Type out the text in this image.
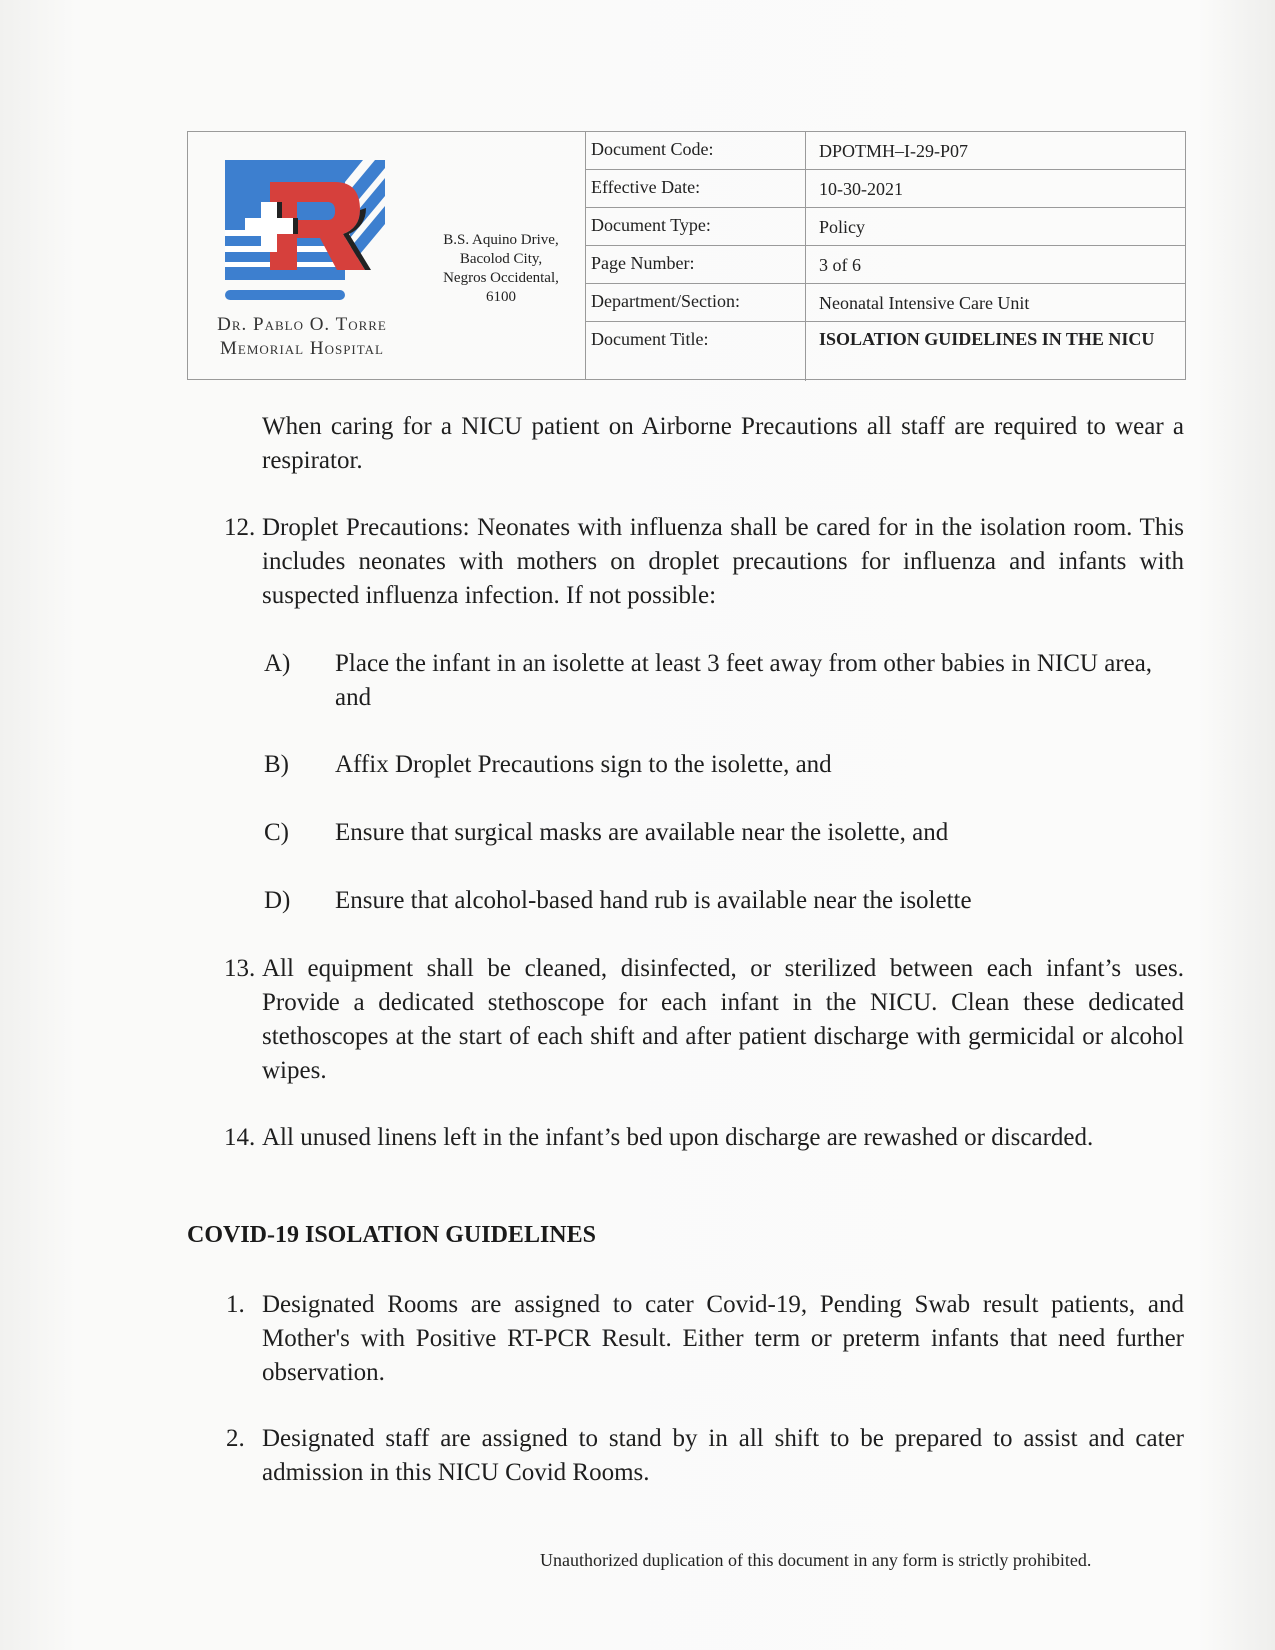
Dr. Pablo O. Torre
Memorial Hospital
B.S. Aquino Drive,
Bacolod City,
Negros Occidental,
6100
Document Code:	DPOTMH–I-29-P07
Effective Date:	10-30-2021
Document Type:	Policy
Page Number:	3 of 6
Department/Section:	Neonatal Intensive Care Unit
Document Title:	ISOLATION GUIDELINES IN THE NICU
When caring for a NICU patient on Airborne Precautions all staff are required to wear a respirator.
12. Droplet Precautions: Neonates with influenza shall be cared for in the isolation room. This includes neonates with mothers on droplet precautions for influenza and infants with suspected influenza infection. If not possible:
A) Place the infant in an isolette at least 3 feet away from other babies in NICU area, and
B) Affix Droplet Precautions sign to the isolette, and
C) Ensure that surgical masks are available near the isolette, and
D) Ensure that alcohol-based hand rub is available near the isolette
13. All equipment shall be cleaned, disinfected, or sterilized between each infant’s uses. Provide a dedicated stethoscope for each infant in the NICU. Clean these dedicated stethoscopes at the start of each shift and after patient discharge with germicidal or alcohol wipes.
14. All unused linens left in the infant’s bed upon discharge are rewashed or discarded.
COVID-19 ISOLATION GUIDELINES
1. Designated Rooms are assigned to cater Covid-19, Pending Swab result patients, and Mother's with Positive RT-PCR Result. Either term or preterm infants that need further observation.
2. Designated staff are assigned to stand by in all shift to be prepared to assist and cater admission in this NICU Covid Rooms.
Unauthorized duplication of this document in any form is strictly prohibited.
